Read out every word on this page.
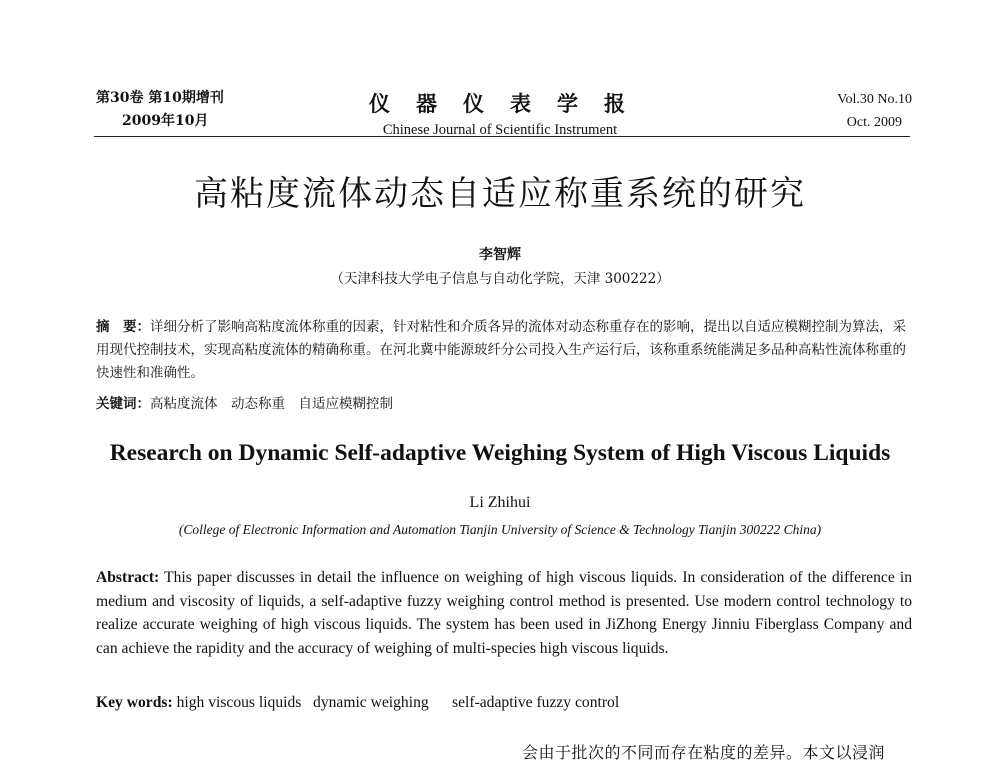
第30卷 第10期增刊
2009年10月
仪器仪表学报
Chinese Journal of Scientific Instrument
Vol.30 No.10
Oct. 2009
高粘度流体动态自适应称重系统的研究
李智辉
（天津科技大学电子信息与自动化学院，天津 300222）
摘　要：详细分析了影响高粘度流体称重的因素，针对粘性和介质各异的流体对动态称重存在的影响，提出以自适应模糊控制为算法，采用现代控制技术，实现高粘度流体的精确称重。在河北冀中能源玻纤分公司投入生产运行后，该称重系统能满足多品种高粘性流体称重的快速性和准确性。
关键词：高粘度流体　动态称重　自适应模糊控制
Research on Dynamic Self-adaptive Weighing System of High Viscous Liquids
Li Zhihui
(College of Electronic Information and Automation Tianjin University of Science & Technology Tianjin 300222 China)
Abstract: This paper discusses in detail the influence on weighing of high viscous liquids. In consideration of the difference in medium and viscosity of liquids, a self-adaptive fuzzy weighing control method is presented. Use modern control technology to realize accurate weighing of high viscous liquids. The system has been used in JiZhong Energy Jinniu Fiberglass Company and can achieve the rapidity and the accuracy of weighing of multi-species high viscous liquids.
Key words: high viscous liquids   dynamic weighing      self-adaptive fuzzy control
会由于批次的不同而存在粘度的差异。本文以浸润
